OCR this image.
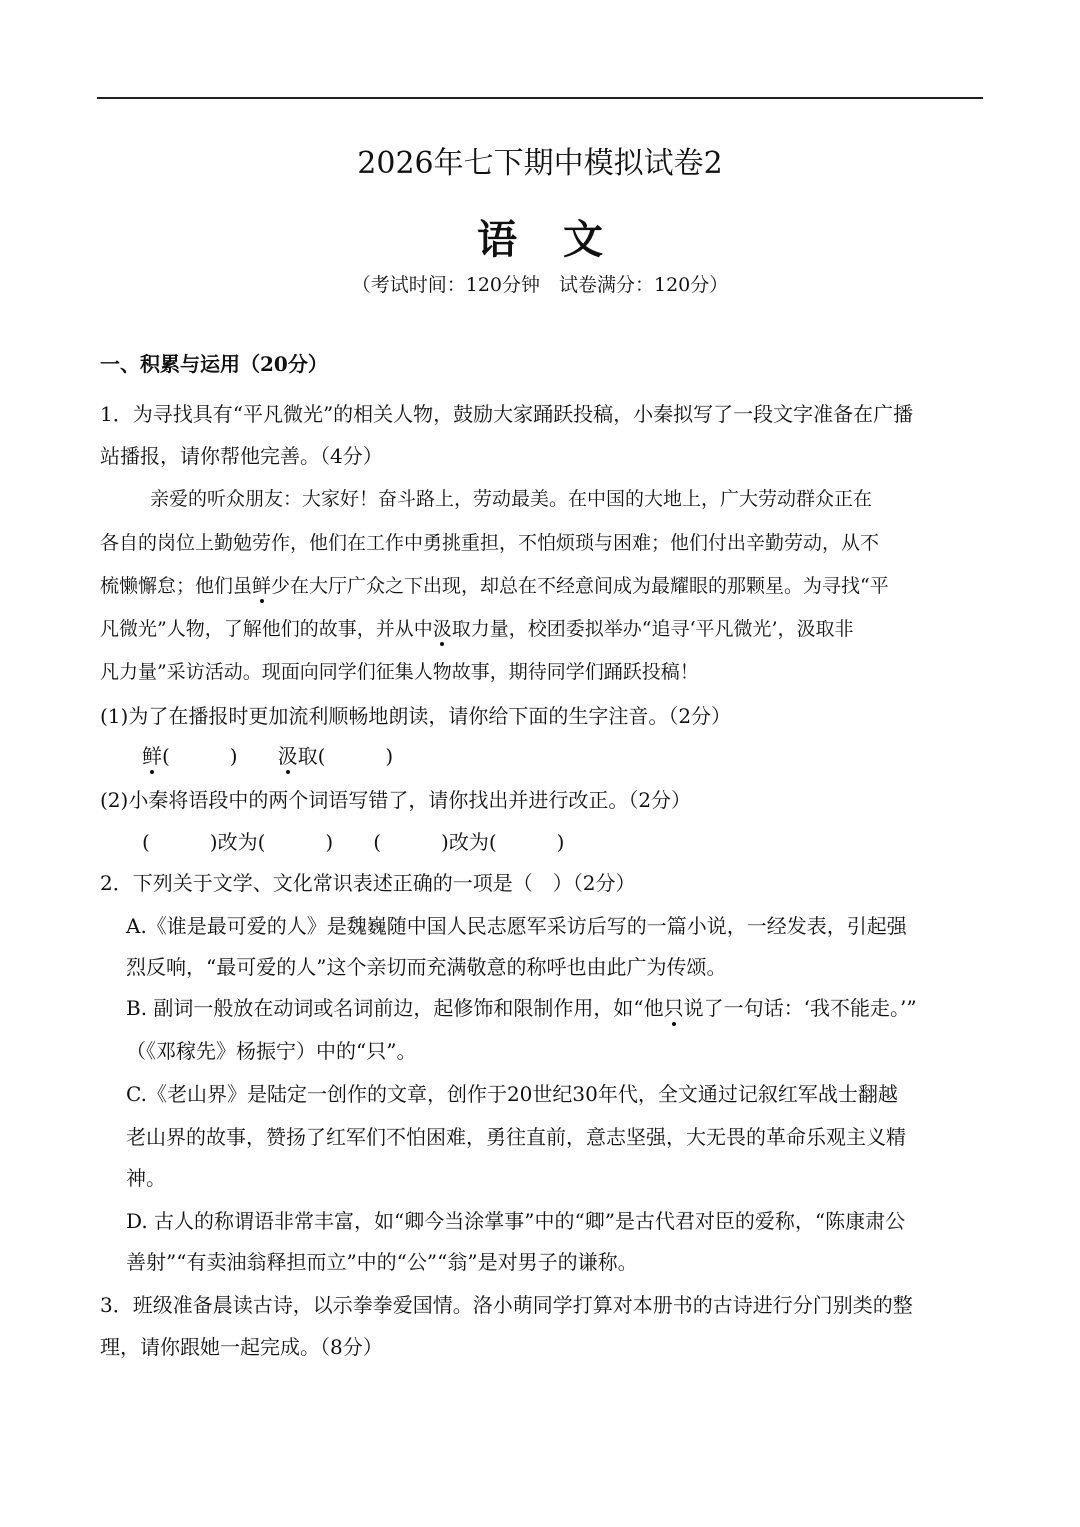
2026年七下期中模拟试卷2
语文
（考试时间：120分钟　试卷满分：120分）
一、积累与运用（20分）
1．为寻找具有“平凡微光”的相关人物，鼓励大家踊跃投稿，小秦拟写了一段文字准备在广播
站播报，请你帮他完善。（4分）
亲爱的听众朋友：大家好！奋斗路上，劳动最美。在中国的大地上，广大劳动群众正在
各自的岗位上勤勉劳作，他们在工作中勇挑重担，不怕烦琐与困难；他们付出辛勤劳动，从不
梳懒懈怠；他们虽鲜少在大厅广众之下出现，却总在不经意间成为最耀眼的那颗星。为寻找“平
凡微光”人物，了解他们的故事，并从中汲取力量，校团委拟举办“追寻‘平凡微光’，汲取非
凡力量”采访活动。现面向同学们征集人物故事，期待同学们踊跃投稿！
(1)为了在播报时更加流利顺畅地朗读，请你给下面的生字注音。（2分）
鲜(　　　) 汲取(　　　)
(2)小秦将语段中的两个词语写错了，请你找出并进行改正。（2分）
(　　　)改为(　　　)　　(　　　)改为(　　　)
2．下列关于文学、文化常识表述正确的一项是（　）（2分）
A.《谁是最可爱的人》是魏巍随中国人民志愿军采访后写的一篇小说，一经发表，引起强
烈反响，“最可爱的人”这个亲切而充满敬意的称呼也由此广为传颂。
B. 副词一般放在动词或名词前边，起修饰和限制作用，如“他只说了一句话：‘我不能走。’”
（《邓稼先》杨振宁）中的“只”。
C.《老山界》是陆定一创作的文章，创作于20世纪30年代，全文通过记叙红军战士翻越
老山界的故事，赞扬了红军们不怕困难，勇往直前，意志坚强，大无畏的革命乐观主义精
神。
D. 古人的称谓语非常丰富，如“卿今当涂掌事”中的“卿”是古代君对臣的爱称，“陈康肃公
善射”“有卖油翁释担而立”中的“公”“翁”是对男子的谦称。
3．班级准备晨读古诗，以示拳拳爱国情。洛小萌同学打算对本册书的古诗进行分门别类的整
理，请你跟她一起完成。（8分）
